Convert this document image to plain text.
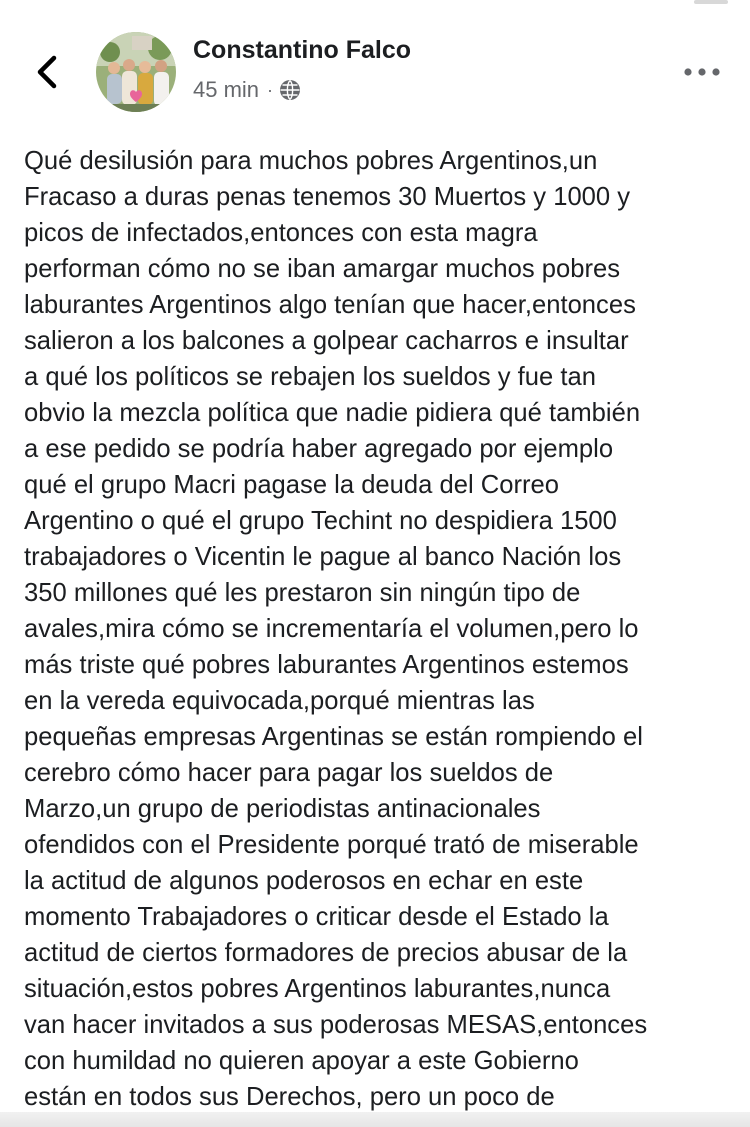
Constantino Falco
45 min ·
Qué desilusión para muchos pobres Argentinos,un
Fracaso a duras penas tenemos 30 Muertos y 1000 y
picos de infectados,entonces con esta magra
performan cómo no se iban amargar muchos pobres
laburantes Argentinos algo tenían que hacer,entonces
salieron a los balcones a golpear cacharros e insultar
a qué los políticos se rebajen los sueldos y fue tan
obvio la mezcla política que nadie pidiera qué también
a ese pedido se podría haber agregado por ejemplo
qué el grupo Macri pagase la deuda del Correo
Argentino o qué el grupo Techint no despidiera 1500
trabajadores o Vicentin le pague al banco Nación los
350 millones qué les prestaron sin ningún tipo de
avales,mira cómo se incrementaría el volumen,pero lo
más triste qué pobres laburantes Argentinos estemos
en la vereda equivocada,porqué mientras las
pequeñas empresas Argentinas se están rompiendo el
cerebro cómo hacer para pagar los sueldos de
Marzo,un grupo de periodistas antinacionales
ofendidos con el Presidente porqué trató de miserable
la actitud de algunos poderosos en echar en este
momento Trabajadores o criticar desde el Estado la
actitud de ciertos formadores de precios abusar de la
situación,estos pobres Argentinos laburantes,nunca
van hacer invitados a sus poderosas MESAS,entonces
con humildad no quieren apoyar a este Gobierno
están en todos sus Derechos, pero un poco de
